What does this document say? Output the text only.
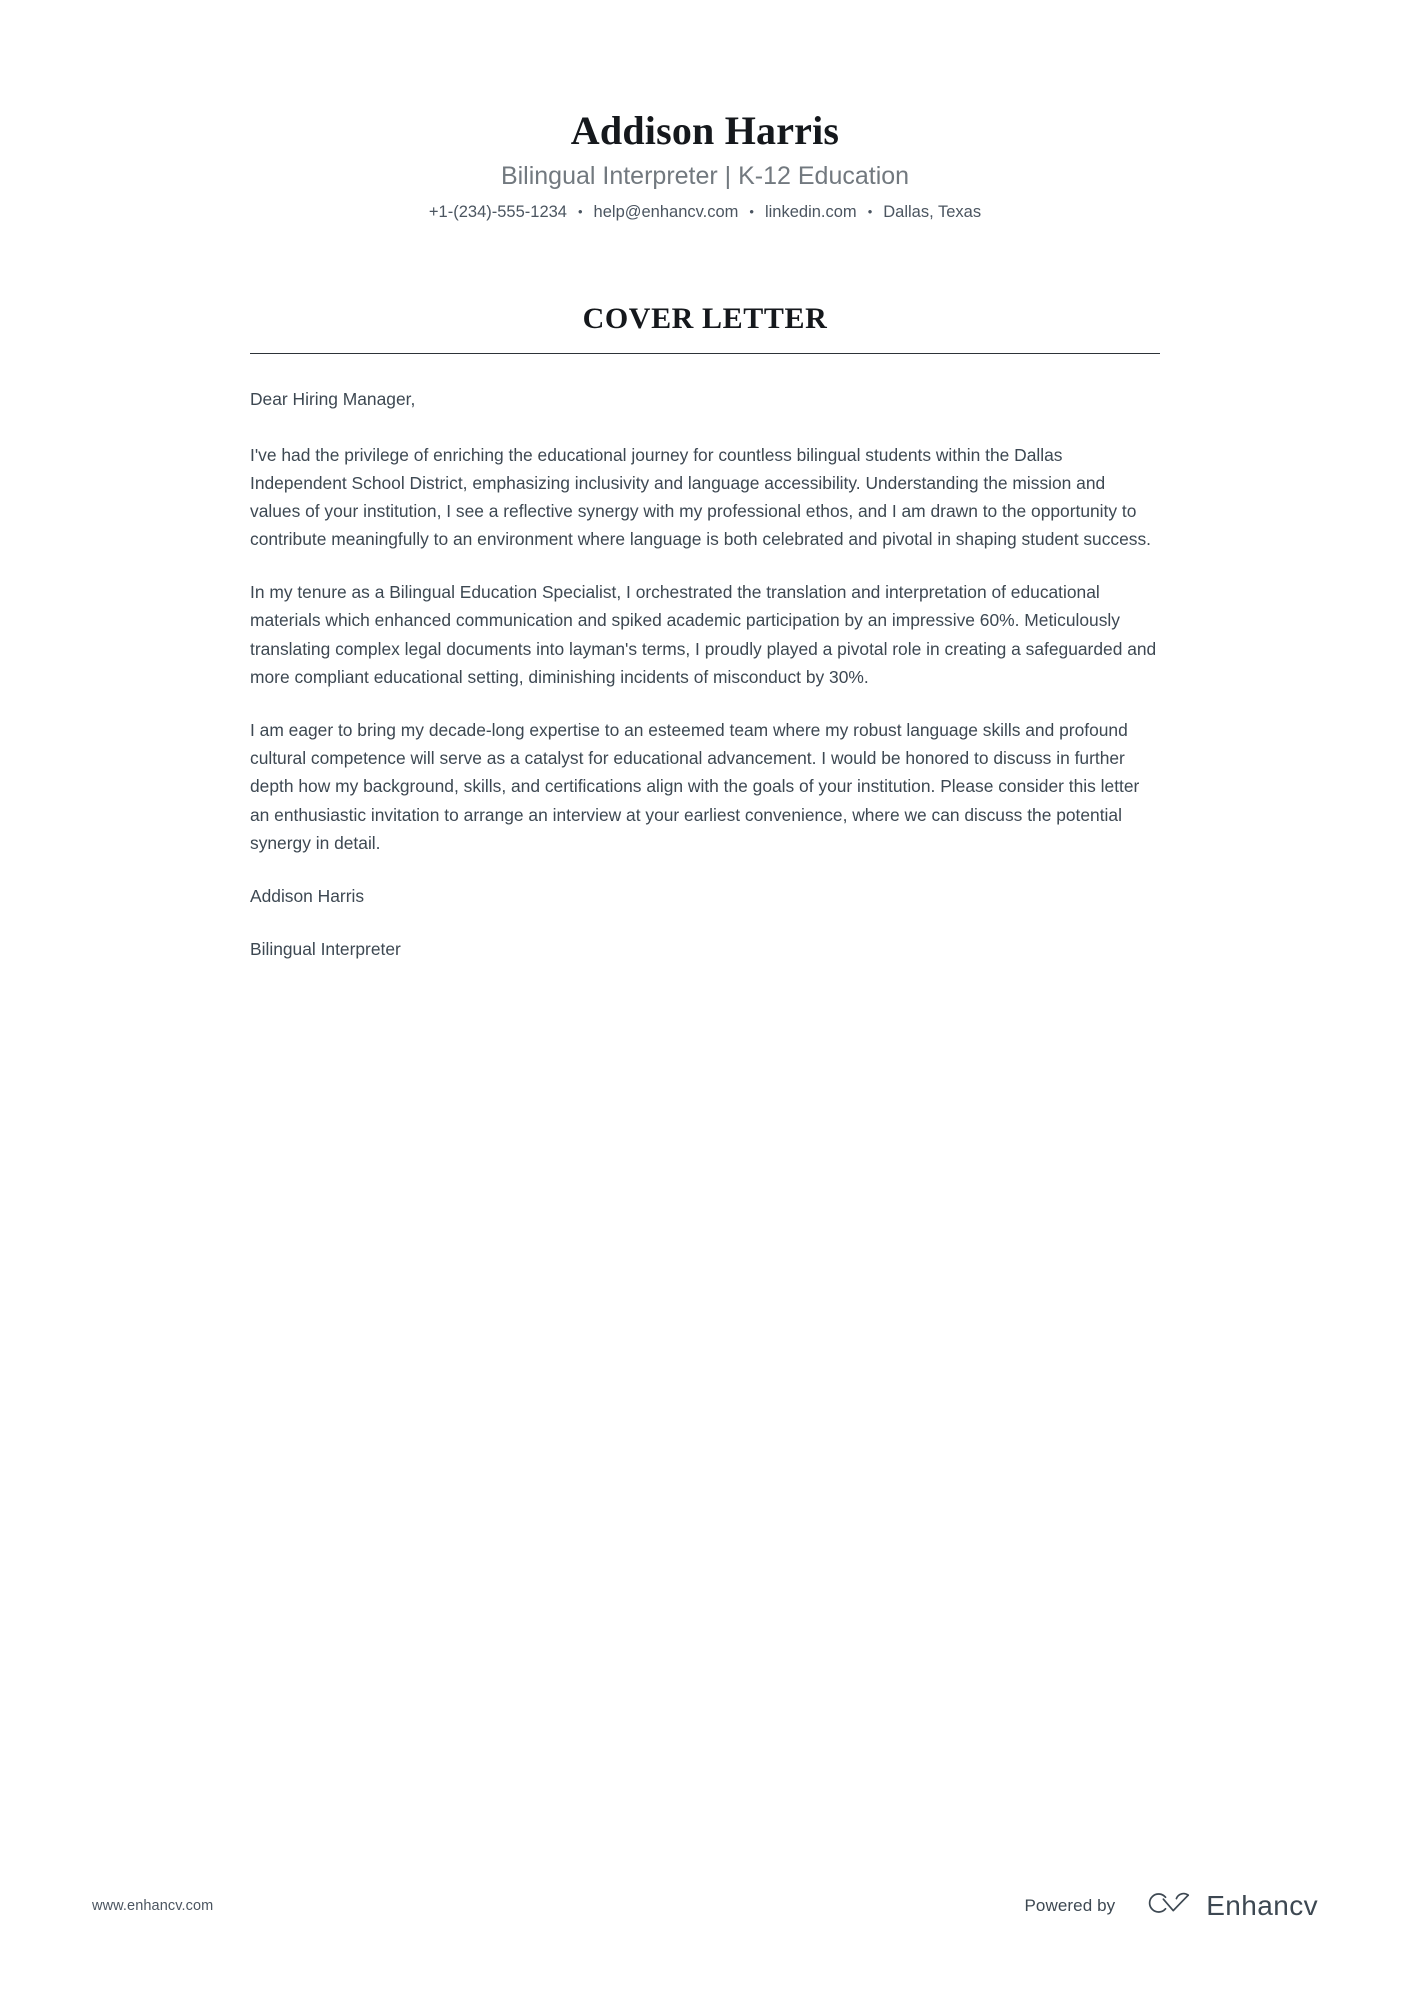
Addison Harris
Bilingual Interpreter | K-12 Education
+1-(234)-555-1234 • help@enhancv.com • linkedin.com • Dallas, Texas
COVER LETTER

Dear Hiring Manager,

I've had the privilege of enriching the educational journey for countless bilingual students within the Dallas Independent School District, emphasizing inclusivity and language accessibility. Understanding the mission and values of your institution, I see a reflective synergy with my professional ethos, and I am drawn to the opportunity to contribute meaningfully to an environment where language is both celebrated and pivotal in shaping student success.

In my tenure as a Bilingual Education Specialist, I orchestrated the translation and interpretation of educational materials which enhanced communication and spiked academic participation by an impressive 60%. Meticulously translating complex legal documents into layman's terms, I proudly played a pivotal role in creating a safeguarded and more compliant educational setting, diminishing incidents of misconduct by 30%.

I am eager to bring my decade-long expertise to an esteemed team where my robust language skills and profound cultural competence will serve as a catalyst for educational advancement. I would be honored to discuss in further depth how my background, skills, and certifications align with the goals of your institution. Please consider this letter an enthusiastic invitation to arrange an interview at your earliest convenience, where we can discuss the potential synergy in detail.

Addison Harris

Bilingual Interpreter

www.enhancv.com	Powered by	Enhancv
